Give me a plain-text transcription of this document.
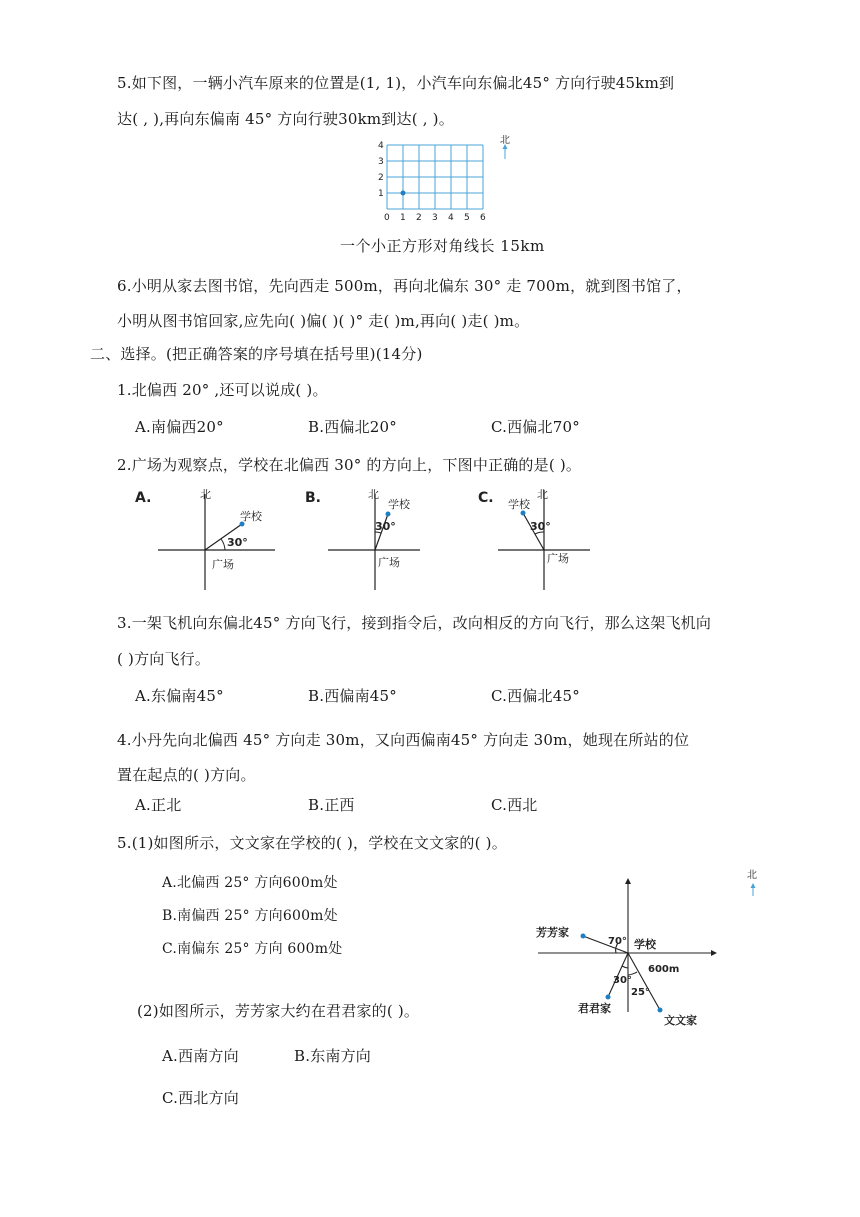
5.如下图，一辆小汽车原来的位置是(1, 1)，小汽车向东偏北45° 方向行驶45km到
达( , ),再向东偏南 45° 方向行驶30km到达( , )。
4
3
2
1
0 1 2 3 4 5 6
北
一个小正方形对角线长 15km
6.小明从家去图书馆，先向西走 500m，再向北偏东 30° 走 700m，就到图书馆了，
小明从图书馆回家,应先向( )偏( )( )° 走( )m,再向( )走( )m。
二、选择。(把正确答案的序号填在括号里)(14分)
1.北偏西 20° ,还可以说成( )。
A.南偏西20°	B.西偏北20°	C.西偏北70°
2.广场为观察点，学校在北偏西 30° 的方向上，下图中正确的是( )。
A.	北
学校
30°
广场
B.	北
学校
30°
广场
C.	北
学校
30°
广场
3.一架飞机向东偏北45° 方向飞行，接到指令后，改向相反的方向飞行，那么这架飞机向
( )方向飞行。
A.东偏南45°	B.西偏南45°	C.西偏北45°
4.小丹先向北偏西 45° 方向走 30m，又向西偏南45° 方向走 30m，她现在所站的位
置在起点的( )方向。
A.正北	B.正西	C.西北
5.(1)如图所示，文文家在学校的( )，学校在文文家的( )。
A.北偏西 25° 方向600m处
B.南偏西 25° 方向600m处
C.南偏东 25° 方向 600m处
(2)如图所示，芳芳家大约在君君家的( )。
A.西南方向	B.东南方向
C.西北方向
北
芳芳家
学校
70°
600m
30°
25°
君君家
文文家
